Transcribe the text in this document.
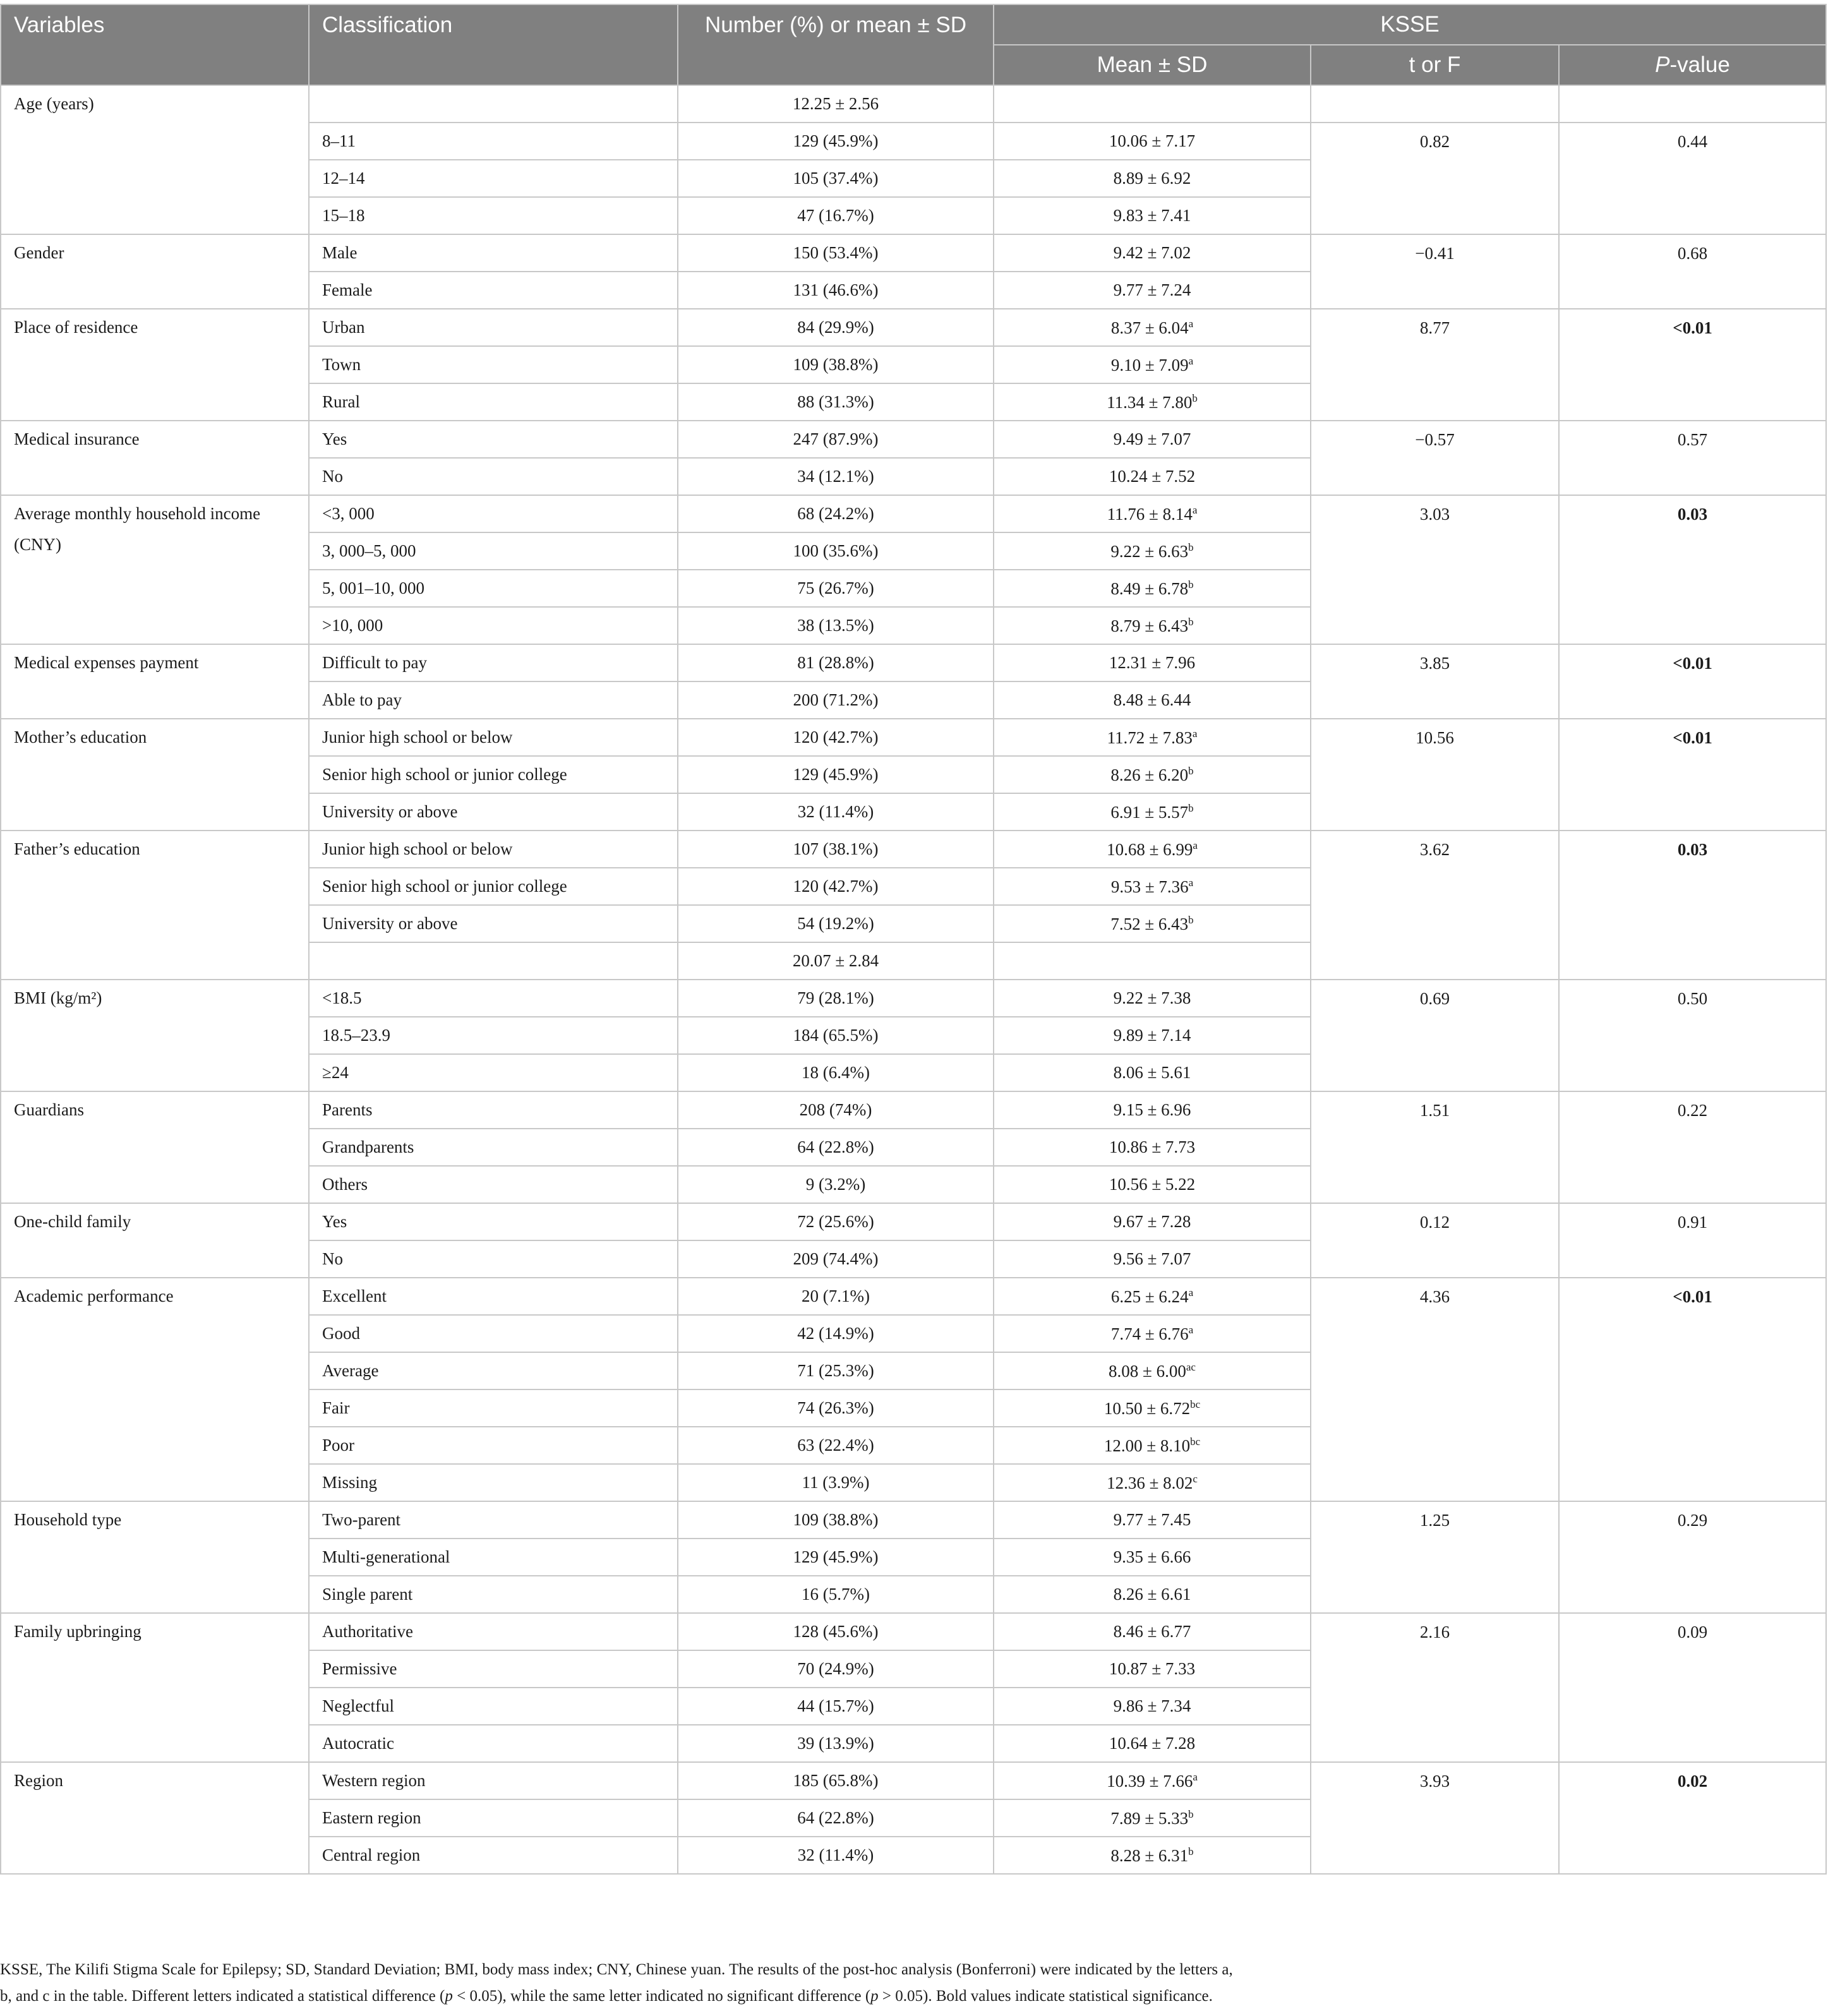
Variables	Classification	Number (%) or mean ± SD	KSSE		
			Mean ± SD	t or F	P-value
Age (years)		12.25 ± 2.56			
	8–11	129 (45.9%)	10.06 ± 7.17	0.82	0.44
	12–14	105 (37.4%)	8.89 ± 6.92		
	15–18	47 (16.7%)	9.83 ± 7.41		
Gender	Male	150 (53.4%)	9.42 ± 7.02	−0.41	0.68
	Female	131 (46.6%)	9.77 ± 7.24		
Place of residence	Urban	84 (29.9%)	8.37 ± 6.04$^a$	8.77	<0.01
	Town	109 (38.8%)	9.10 ± 7.09$^a$
	Rural	88 (31.3%)	11.34 ± 7.80$^b$
Medical insurance	Yes	247 (87.9%)	9.49 ± 7.07	−0.57	0.57
	No	34 (12.1%)	10.24 ± 7.52		
Average monthly household income (CNY)	<3, 000	68 (24.2%)	11.76 ± 8.14$^a$	3.03	0.03
	3, 000–5, 000	100 (35.6%)	9.22 ± 6.63$^b$
	5, 001–10, 000	75 (26.7%)	8.49 ± 6.78$^b$
	>10, 000	38 (13.5%)	8.79 ± 6.43$^b$
Medical expenses payment	Difficult to pay	81 (28.8%)	12.31 ± 7.96	3.85	<0.01
	Able to pay	200 (71.2%)	8.48 ± 6.44		
Mother’s education	Junior high school or below	120 (42.7%)	11.72 ± 7.83$^a$	10.56	<0.01
	Senior high school or junior college	129 (45.9%)	8.26 ± 6.20$^b$
	University or above	32 (11.4%)	6.91 ± 5.57$^b$
Father’s education	Junior high school or below	107 (38.1%)	10.68 ± 6.99$^a$	3.62	0.03
	Senior high school or junior college	120 (42.7%)	9.53 ± 7.36$^a$
	University or above	54 (19.2%)	7.52 ± 6.43$^b$
		20.07 ± 2.84			
BMI (kg/m²)	<18.5	79 (28.1%)	9.22 ± 7.38	0.69	0.50
	18.5–23.9	184 (65.5%)	9.89 ± 7.14		
	≥24	18 (6.4%)	8.06 ± 5.61		
Guardians	Parents	208 (74%)	9.15 ± 6.96	1.51	0.22
	Grandparents	64 (22.8%)	10.86 ± 7.73		
	Others	9 (3.2%)	10.56 ± 5.22		
One-child family	Yes	72 (25.6%)	9.67 ± 7.28	0.12	0.91
	No	209 (74.4%)	9.56 ± 7.07		
Academic performance	Excellent	20 (7.1%)	6.25 ± 6.24$^a$	4.36	<0.01
	Good	42 (14.9%)	7.74 ± 6.76$^a$
	Average	71 (25.3%)	8.08 ± 6.00$^{ac}$
	Fair	74 (26.3%)	10.50 ± 6.72$^{bc}$
	Poor	63 (22.4%)	12.00 ± 8.10$^{bc}$
	Missing	11 (3.9%)	12.36 ± 8.02$^c$
Household type	Two-parent	109 (38.8%)	9.77 ± 7.45	1.25	0.29
	Multi-generational	129 (45.9%)	9.35 ± 6.66		
	Single parent	16 (5.7%)	8.26 ± 6.61		
Family upbringing	Authoritative	128 (45.6%)	8.46 ± 6.77	2.16	0.09
	Permissive	70 (24.9%)	10.87 ± 7.33		
	Neglectful	44 (15.7%)	9.86 ± 7.34		
	Autocratic	39 (13.9%)	10.64 ± 7.28		
Region	Western region	185 (65.8%)	10.39 ± 7.66$^a$	3.93	0.02
	Eastern region	64 (22.8%)	7.89 ± 5.33$^b$
	Central region	32 (11.4%)	8.28 ± 6.31$^b$
KSSE, The Kilifi Stigma Scale for Epilepsy; SD, Standard Deviation; BMI, body mass index; CNY, Chinese yuan. The results of the post-hoc analysis (Bonferroni) were indicated by the letters a,
b, and c in the table. Different letters indicated a statistical difference (p < 0.05), while the same letter indicated no significant difference (p > 0.05). Bold values indicate statistical significance.
